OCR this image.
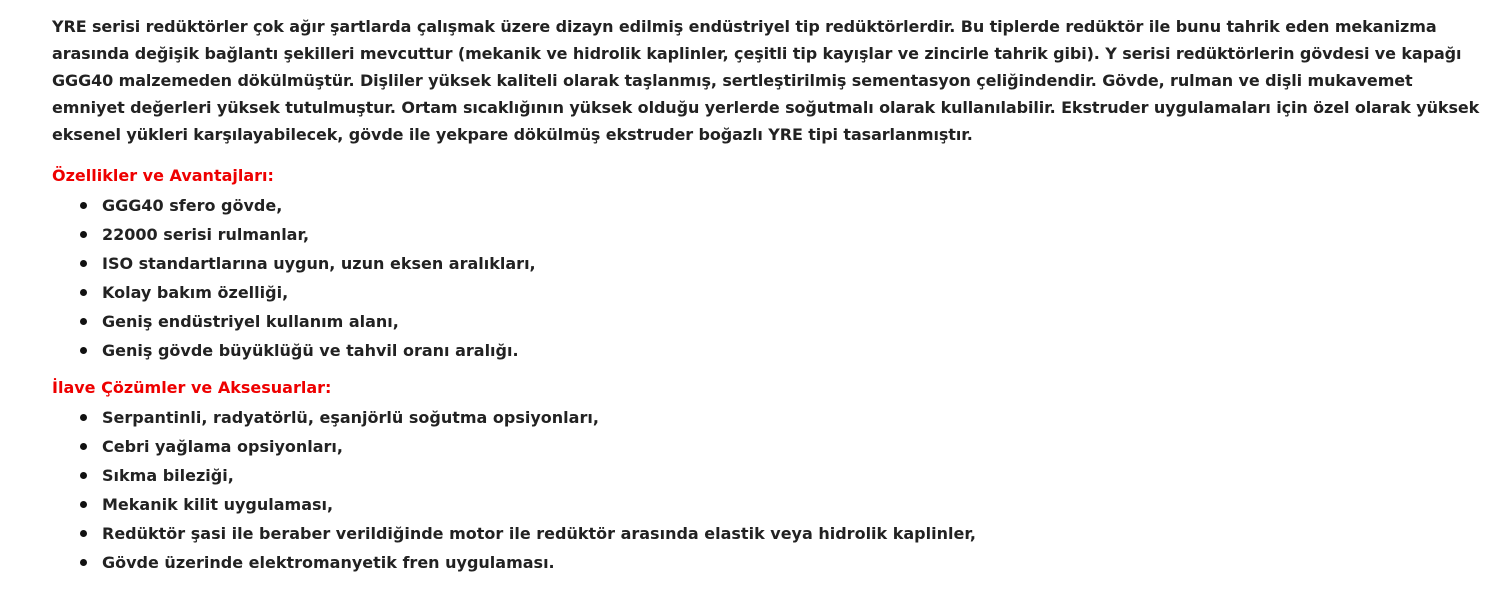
YRE serisi redüktörler çok ağır şartlarda çalışmak üzere dizayn edilmiş endüstriyel tip redüktörlerdir. Bu tiplerde redüktör ile bunu tahrik eden mekanizma arasında değişik bağlantı şekilleri mevcuttur (mekanik ve hidrolik kaplinler, çeşitli tip kayışlar ve zincirle tahrik gibi). Y serisi redüktörlerin gövdesi ve kapağı GGG40 malzemeden dökülmüştür. Dişliler yüksek kaliteli olarak taşlanmış, sertleştirilmiş sementasyon çeliğindendir. Gövde, rulman ve dişli mukavemet emniyet değerleri yüksek tutulmuştur. Ortam sıcaklığının yüksek olduğu yerlerde soğutmalı olarak kullanılabilir. Ekstruder uygulamaları için özel olarak yüksek eksenel yükleri karşılayabilecek, gövde ile yekpare dökülmüş ekstruder boğazlı YRE tipi tasarlanmıştır.

Özellikler ve Avantajları:
GGG40 sfero gövde,
22000 serisi rulmanlar,
ISO standartlarına uygun, uzun eksen aralıkları,
Kolay bakım özelliği,
Geniş endüstriyel kullanım alanı,
Geniş gövde büyüklüğü ve tahvil oranı aralığı.
İlave Çözümler ve Aksesuarlar:
Serpantinli, radyatörlü, eşanjörlü soğutma opsiyonları,
Cebri yağlama opsiyonları,
Sıkma bileziği,
Mekanik kilit uygulaması,
Redüktör şasi ile beraber verildiğinde motor ile redüktör arasında elastik veya hidrolik kaplinler,
Gövde üzerinde elektromanyetik fren uygulaması.
